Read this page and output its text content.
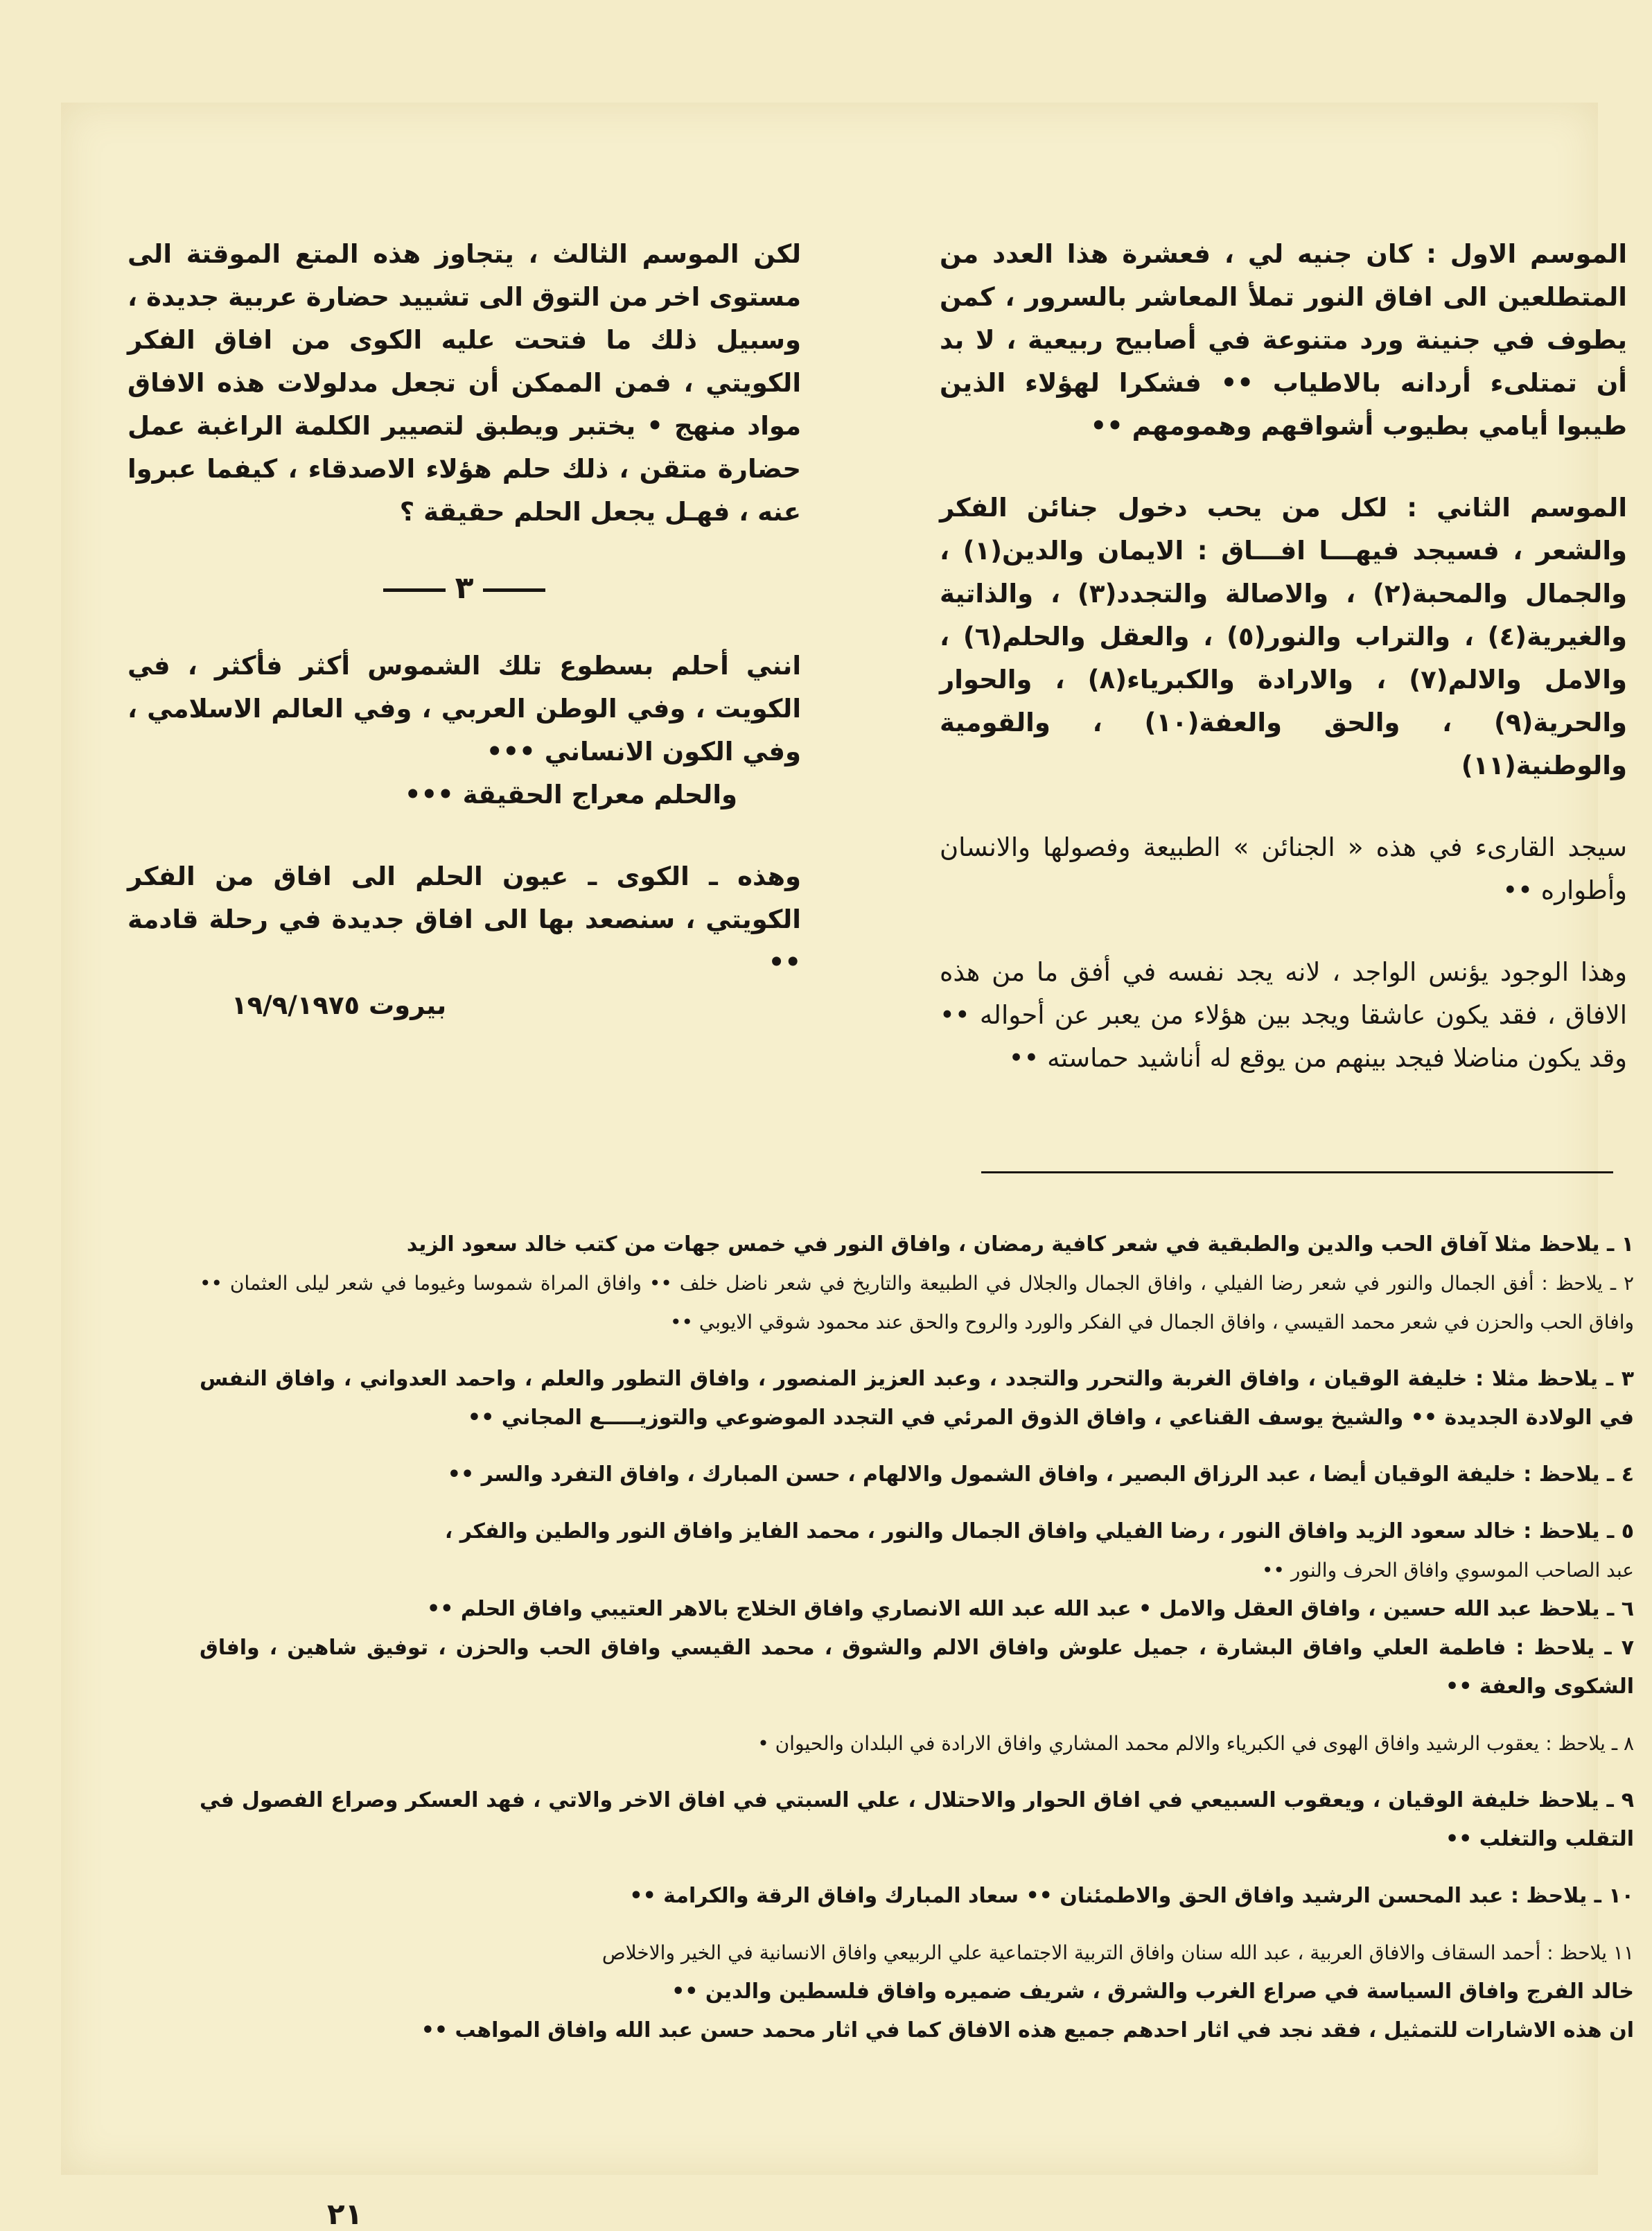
الموسم الاول : كان جنيه لي ، فعشرة هذا العدد من المتطلعين الى افاق النور تملأ المعاشر بالسرور ، كمن يطوف في جنينة ورد متنوعة في أصابيح ربيعية ، لا بد أن تمتلىء أردانه بالاطياب •• فشكرا لهؤلاء الذين طيبوا أيامي بطيوب أشواقهم وهمومهم ••

الموسم الثاني : لكل من يحب دخول جنائن الفكر والشعر ، فسيجد فيهـــا افـــاق : الايمان والدين(١) ، والجمال والمحبة(٢) ، والاصالة والتجدد(٣) ، والذاتية والغيرية(٤) ، والتراب والنور(٥) ، والعقل والحلم(٦) ، والامل والالم(٧) ، والارادة والكبرياء(٨) ، والحوار والحرية(٩) ، والحق والعفة(١٠) ، والقومية والوطنية(١١)

سيجد القارىء في هذه « الجنائن » الطبيعة وفصولها والانسان وأطواره ••

وهذا الوجود يؤنس الواجد ، لانه يجد نفسه في أفق ما من هذه الافاق ، فقد يكون عاشقا ويجد بين هؤلاء من يعبر عن أحواله •• وقد يكون مناضلا فيجد بينهم من يوقع له أناشيد حماسته ••

لكن الموسم الثالث ، يتجاوز هذه المتع الموقتة الى مستوى اخر من التوق الى تشييد حضارة عربية جديدة ، وسبيل ذلك ما فتحت عليه الكوى من افاق الفكر الكويتي ، فمن الممكن أن تجعل مدلولات هذه الافاق مواد منهج • يختبر ويطبق لتصيير الكلمة الراغبة عمل حضارة متقن ، ذلك حلم هؤلاء الاصدقاء ، كيفما عبروا عنه ، فهـل يجعل الحلم حقيقة ؟

٣

انني أحلم بسطوع تلك الشموس أكثر فأكثر ، في الكويت ، وفي الوطن العربي ، وفي العالم الاسلامي ، وفي الكون الانساني •••

والحلم معراج الحقيقة •••

وهذه ـ الكوى ـ عيون الحلم الى افاق من الفكر الكويتي ، سنصعد بها الى افاق جديدة في رحلة قادمة ••

بيروت ١٩/٩/١٩٧٥

١ ـ يلاحظ مثلا آفاق الحب والدين والطبقية في شعر كافية رمضان ، وافاق النور في خمس جهات من كتب خالد سعود الزيد

٢ ـ يلاحظ : أفق الجمال والنور في شعر رضا الفيلي ، وافاق الجمال والجلال في الطبيعة والتاريخ في شعر ناضل خلف •• وافاق المراة شموسا وغيوما في شعر ليلى العثمان •• وافاق الحب والحزن في شعر محمد القيسي ، وافاق الجمال في الفكر والورد والروح والحق عند محمود شوقي الايوبي ••

٣ ـ يلاحظ مثلا : خليفة الوقيان ، وافاق الغربة والتحرر والتجدد ، وعبد العزيز المنصور ، وافاق التطور والعلم ، واحمد العدواني ، وافاق النفس في الولادة الجديدة •• والشيخ يوسف القناعي ، وافاق الذوق المرئي في التجدد الموضوعي والتوزيـــــع المجاني ••

٤ ـ يلاحظ : خليفة الوقيان أيضا ، عبد الرزاق البصير ، وافاق الشمول والالهام ، حسن المبارك ، وافاق التفرد والسر ••

٥ ـ يلاحظ : خالد سعود الزيد وافاق النور ، رضا الفيلي وافاق الجمال والنور ، محمد الفايز وافاق النور والطين والفكر ،

عبد الصاحب الموسوي وافاق الحرف والنور ••

٦ ـ يلاحظ عبد الله حسين ، وافاق العقل والامل • عبد الله عبد الله الانصاري وافاق الخلاج بالاهر العتيبي وافاق الحلم ••

٧ ـ يلاحظ : فاطمة العلي وافاق البشارة ، جميل علوش وافاق الالم والشوق ، محمد القيسي وافاق الحب والحزن ، توفيق شاهين ، وافاق الشكوى والعفة ••

٨ ـ يلاحظ : يعقوب الرشيد وافاق الهوى في الكبرياء والالم محمد المشاري وافاق الارادة في البلدان والحيوان •

٩ ـ يلاحظ خليفة الوقيان ، ويعقوب السبيعي في افاق الحوار والاحتلال ، علي السبتي في افاق الاخر والاتي ، فهد العسكر وصراع الفصول في التقلب والتغلب ••

١٠ ـ يلاحظ : عبد المحسن الرشيد وافاق الحق والاطمئنان •• سعاد المبارك وافاق الرقة والكرامة ••

١١ يلاحظ : أحمد السقاف والافاق العربية ، عبد الله سنان وافاق التربية الاجتماعية علي الربيعي وافاق الانسانية في الخير والاخلاص

خالد الفرج وافاق السياسة في صراع الغرب والشرق ، شريف ضميره وافاق فلسطين والدين ••

ان هذه الاشارات للتمثيل ، فقد نجد في اثار احدهم جميع هذه الافاق كما في اثار محمد حسن عبد الله وافاق المواهب ••

٢١
